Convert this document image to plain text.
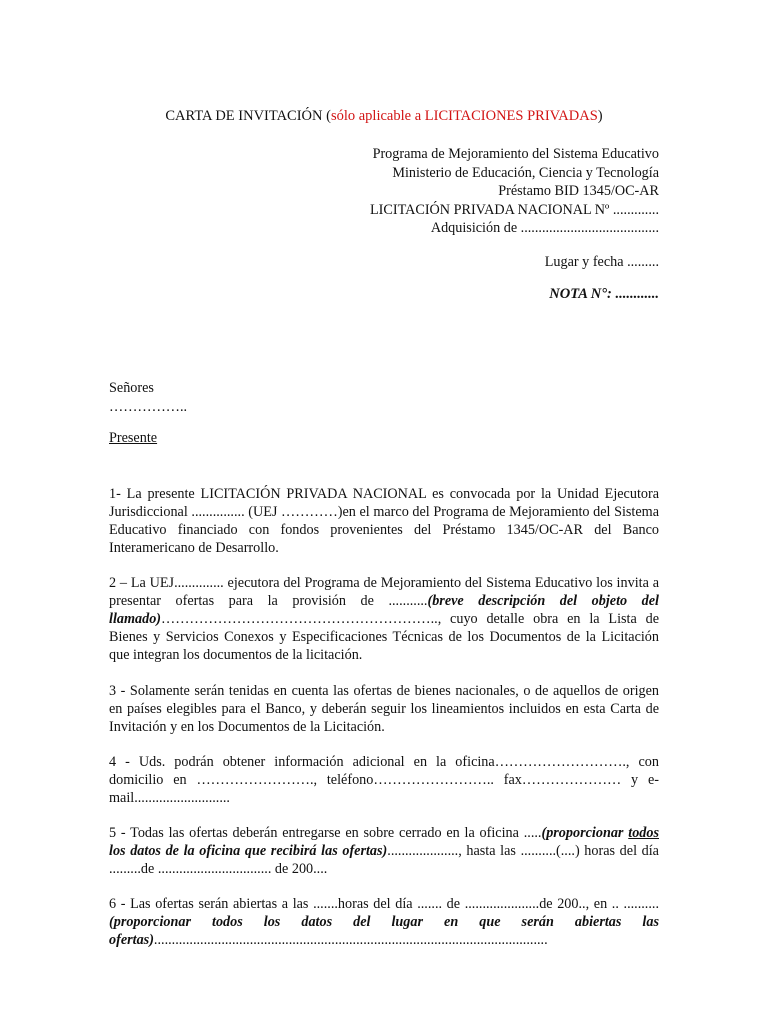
CARTA DE INVITACIÓN (sólo aplicable a LICITACIONES PRIVADAS)
Programa de Mejoramiento del Sistema Educativo
Ministerio de Educación, Ciencia y Tecnología
Préstamo BID 1345/OC-AR
LICITACIÓN PRIVADA NACIONAL Nº .............
Adquisición de .......................................
Lugar y fecha .........
NOTA N°: ............
Señores
……………..
Presente
1- La presente LICITACIÓN PRIVADA NACIONAL es convocada por la Unidad Ejecutora Jurisdiccional ............... (UEJ …………)en el marco del Programa de Mejoramiento del Sistema Educativo financiado con fondos provenientes del Préstamo 1345/OC-AR del Banco Interamericano de Desarrollo.
2 – La UEJ.............. ejecutora del Programa de Mejoramiento del Sistema Educativo los invita a presentar ofertas para la provisión de ...........(breve descripción del objeto del llamado)………………………………………………….., cuyo detalle obra en la Lista de Bienes y Servicios Conexos y Especificaciones Técnicas de los Documentos de la Licitación que integran los documentos de la licitación.
3 - Solamente serán tenidas en cuenta las ofertas de bienes nacionales, o de aquellos de origen en países elegibles para el Banco, y deberán seguir los lineamientos incluidos en esta Carta de Invitación y en los Documentos de la Licitación.
4 - Uds. podrán obtener información adicional en la oficina………………………., con domicilio en ……………………., teléfono…………………….. fax………………… y e-mail...........................
5 - Todas las ofertas deberán entregarse en sobre cerrado en la oficina .....(proporcionar todos los datos de la oficina que recibirá las ofertas)...................., hasta las ..........(....) horas del día .........de ................................ de 200....
6 - Las ofertas serán abiertas a las .......horas del día ....... de .....................de 200.., en .. ..........(proporcionar todos los datos del lugar en que serán abiertas las ofertas)...............................................................................................................
